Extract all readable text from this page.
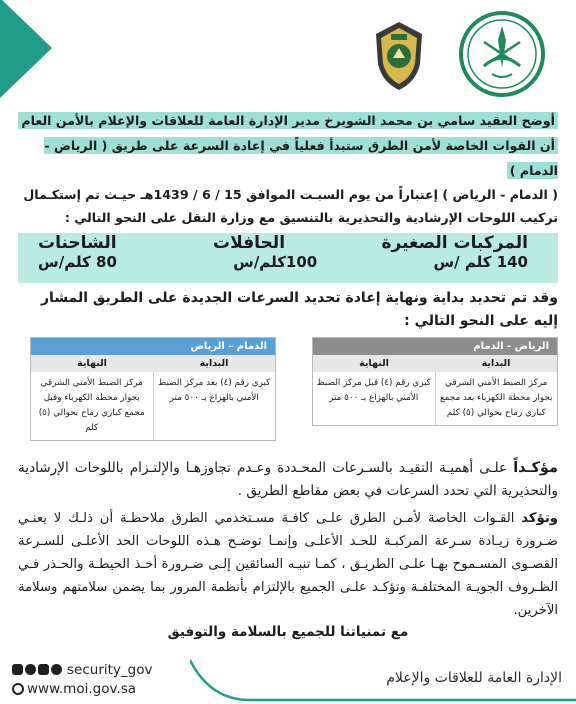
أوضح العقيد سامي بن محمد الشويرخ مدير الإدارة العامة للعلاقات والإعلام بالأمن العام
أن القوات الخاصة لأمن الطرق ستبدأ فعلياً في إعادة السرعة على طريق ( الرياض - الدمام )
( الدمام - الرياض ) إعتباراً من يوم السبـت الموافق 15 / 6 / 1439هـ حيـث تم إستكـمال
تركيب اللوحات الإرشادية والتحذيرية بالتنسيق مع وزارة النقل على النحو التالي :
المركبات الصغيرة
الحافلات
الشاحنات
140 كلم /س
100كلم/س
80 كلم/س
وقد تم تحديد بداية ونهاية إعادة تحديد السرعات الجديدة على الطريق المشار إليه على النحو التالي :
الرياض - الدمام
البداية
النهاية
مركز الضبط الأمني الشرقي بجوار محطة الكهرباء بعد مجمع كباري رماح بحوالي (٥) كلم
كبري رقم (٤) قبل مركز الضبط الأمني بالهزاع بـ ٥٠٠ متر
الدمام – الرياض
البداية
النهاية
كبري رقم (٤) بعد مركز الضبط الأمني بالهزاع بـ ٥٠٠ متر
مركز الضبط الأمني الشرقي بجوار محطة الكهرباء وقبل مجمع كباري رماح بحوالي (٥) كلم
مؤكـداً علـى أهميـة التقيـد بالسـرعات المحـددة وعـدم تجاوزهـا والإلتـزام باللوحات الإرشادية والتحذيرية التي تحدد السرعات في بعض مقاطع الطريق .
وتؤكد القـوات الخاصة لأمـن الطرق علـى كافـة مسـتخدمي الطرق ملاحظـة أن ذلـك لا يعنـي ضـرورة زيـادة سـرعة المركبـة للحـد الأعلـى وإنمـا توضـح هـذه اللوحات الحد الأعلـى للسـرعة القصـوى المسـموح بهـا علـى الطريـق ، كمـا تنبـه السائقين إلـى ضـرورة أخـذ الحيطـة والحـذر فـي الظـروف الجويـة المختلفـة وتؤكـد علـى الجميع بالإلتزام بأنظمة المرور بما يضمن سلامتهم وسلامة الآخرين.
مع تمنياتنا للجميع بالسلامة والتوفيق
الإدارة العامة للعلاقات والإعلام
security_gov
www.moi.gov.sa
